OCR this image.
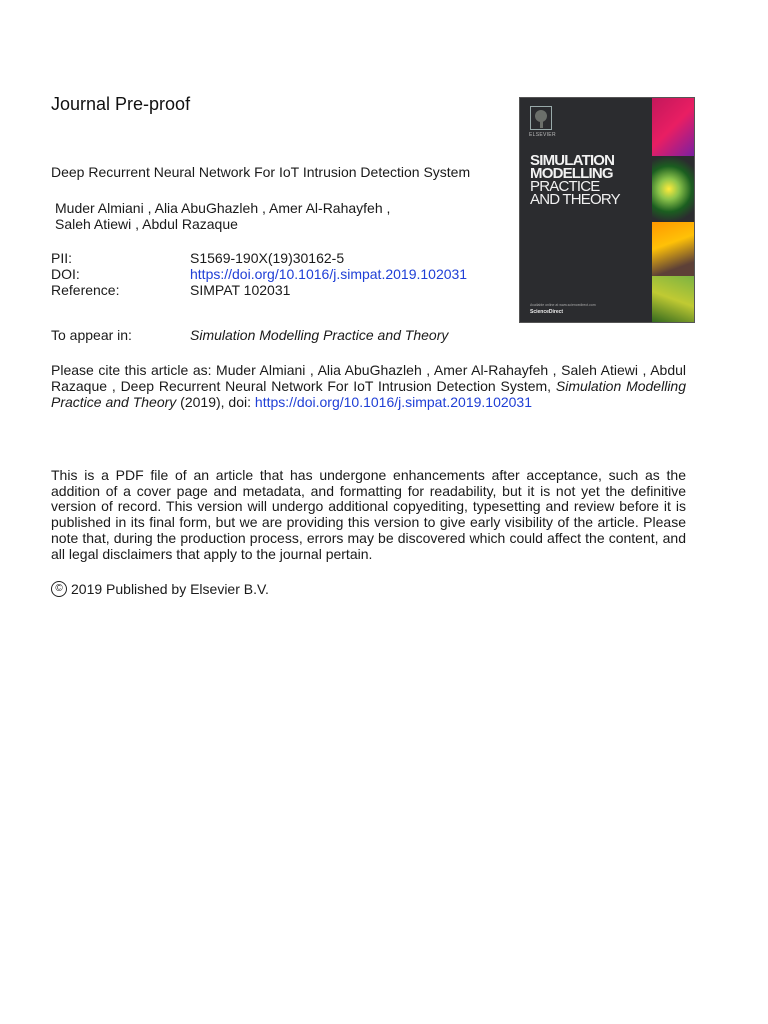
Journal Pre-proof
Deep Recurrent Neural Network For IoT Intrusion Detection System
Muder Almiani , Alia AbuGhazleh , Amer Al-Rahayfeh ,
Saleh Atiewi , Abdul Razaque
PII:	S1569-190X(19)30162-5
DOI:	https://doi.org/10.1016/j.simpat.2019.102031
Reference:	SIMPAT 102031
To appear in:	Simulation Modelling Practice and Theory
Please cite this article as: Muder Almiani , Alia AbuGhazleh , Amer Al-Rahayfeh , Saleh Atiewi , Abdul Razaque , Deep Recurrent Neural Network For IoT Intrusion Detection System, Simulation Modelling Practice and Theory (2019), doi: https://doi.org/10.1016/j.simpat.2019.102031
This is a PDF file of an article that has undergone enhancements after acceptance, such as the addition of a cover page and metadata, and formatting for readability, but it is not yet the definitive version of record. This version will undergo additional copyediting, typesetting and review before it is published in its final form, but we are providing this version to give early visibility of the article. Please note that, during the production process, errors may be discovered which could affect the content, and all legal disclaimers that apply to the journal pertain.
© 2019 Published by Elsevier B.V.
ELSEVIER
SIMULATION
MODELLING
PRACTICE
AND THEORY
Available online at www.sciencedirect.com
ScienceDirect
